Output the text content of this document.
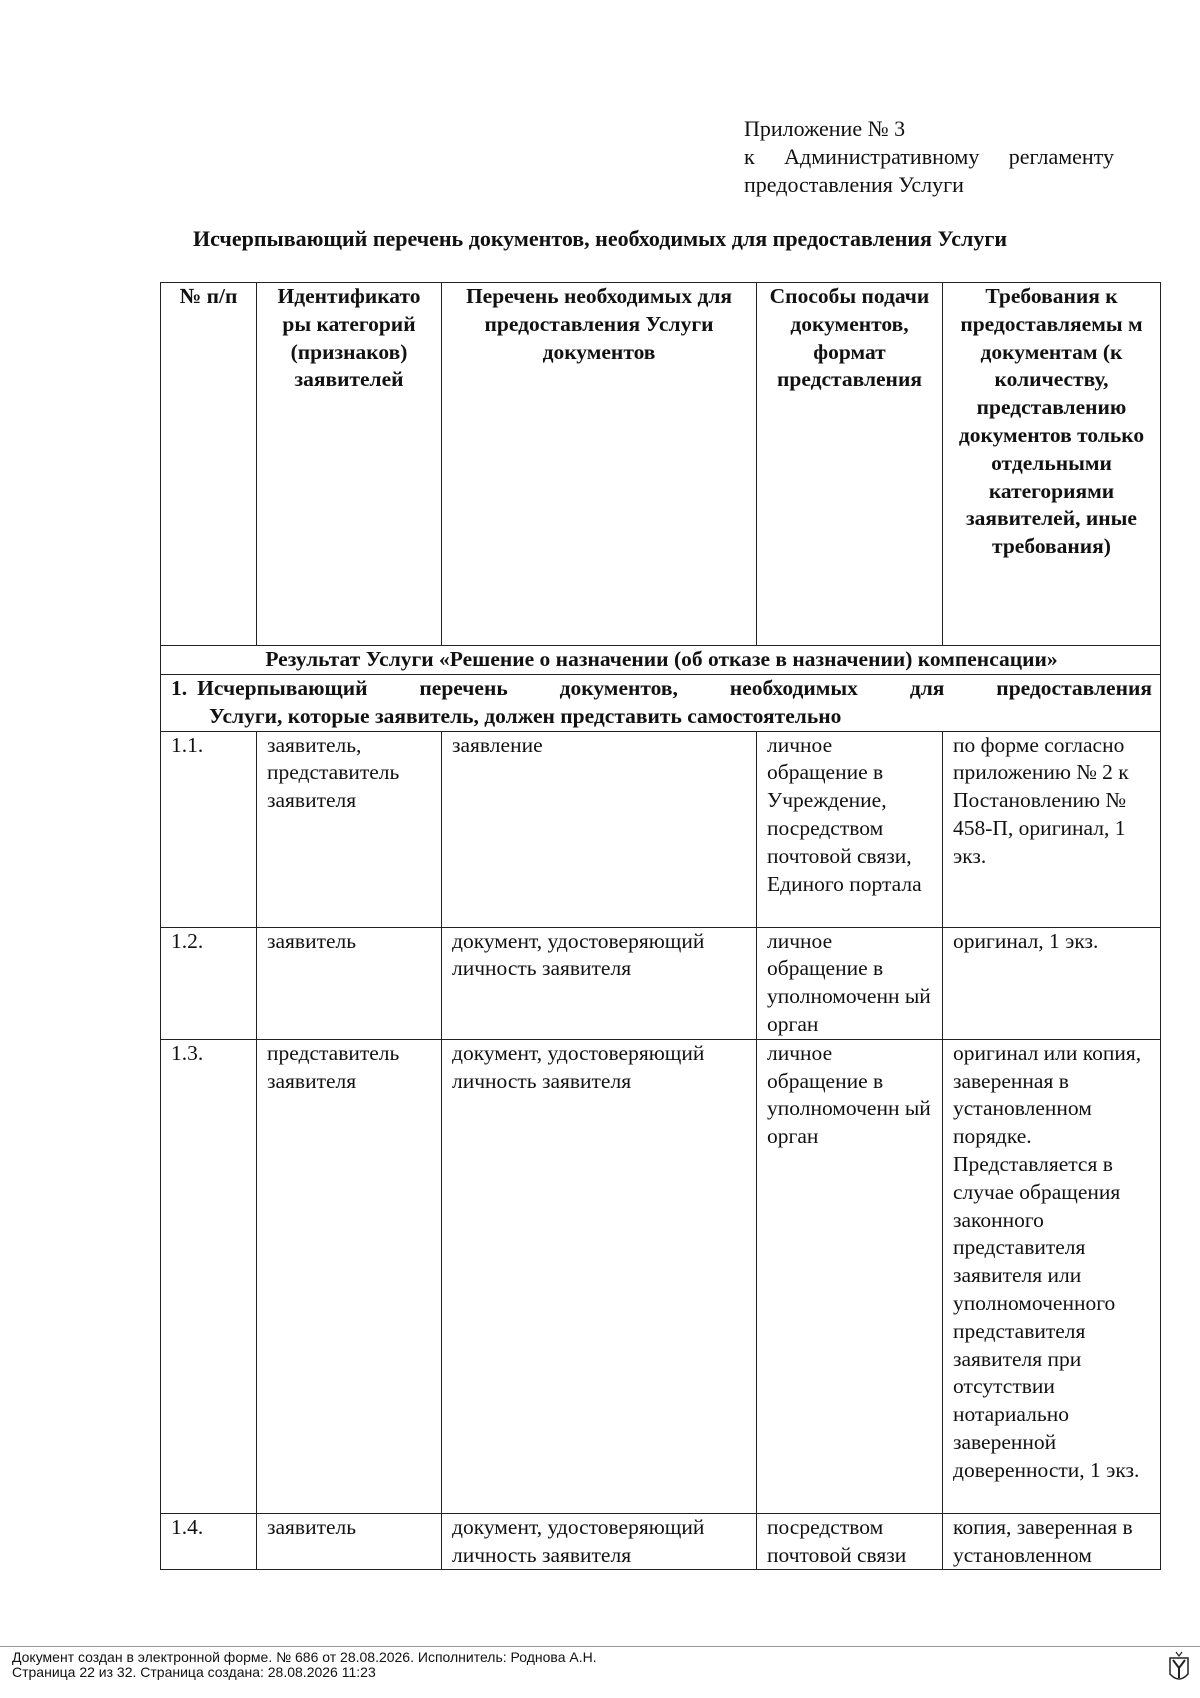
Приложение № 3
к Административному регламенту
предоставления Услуги
Исчерпывающий перечень документов, необходимых для предоставления Услуги
№ п/п	Идентификато ры категорий (признаков) заявителей	Перечень необходимых для предоставления Услуги документов	Способы подачи документов, формат представления	Требования к предоставляемы м документам (к количеству, представлению документов только отдельными категориями заявителей, иные требования)
Результат Услуги «Решение о назначении (об отказе в назначении) компенсации»				

1. Исчерпывающий перечень документов, необходимых для предоставления
Услуги, которые заявитель, должен представить самостоятельно				

1.1.	заявитель, представитель заявителя	заявление	личное обращение в Учреждение, посредством почтовой связи, Единого портала	по форме согласно приложению № 2 к Постановлению № 458-П, оригинал, 1 экз.
1.2.	заявитель	документ, удостоверяющий личность заявителя	личное обращение в уполномоченн ый орган	оригинал, 1 экз.
1.3.	представитель заявителя	документ, удостоверяющий личность заявителя	личное обращение в уполномоченн ый орган	оригинал или копия, заверенная в установленном порядке. Представляется в случае обращения законного представителя заявителя или уполномоченного представителя заявителя при отсутствии нотариально заверенной доверенности, 1 экз.
1.4.	заявитель	документ, удостоверяющий личность заявителя	посредством почтовой связи	копия, заверенная в установленном
Документ создан в электронной форме. № 686 от 28.08.2026. Исполнитель: Роднова А.Н.
Страница 22 из 32. Страница создана: 28.08.2026 11:23
